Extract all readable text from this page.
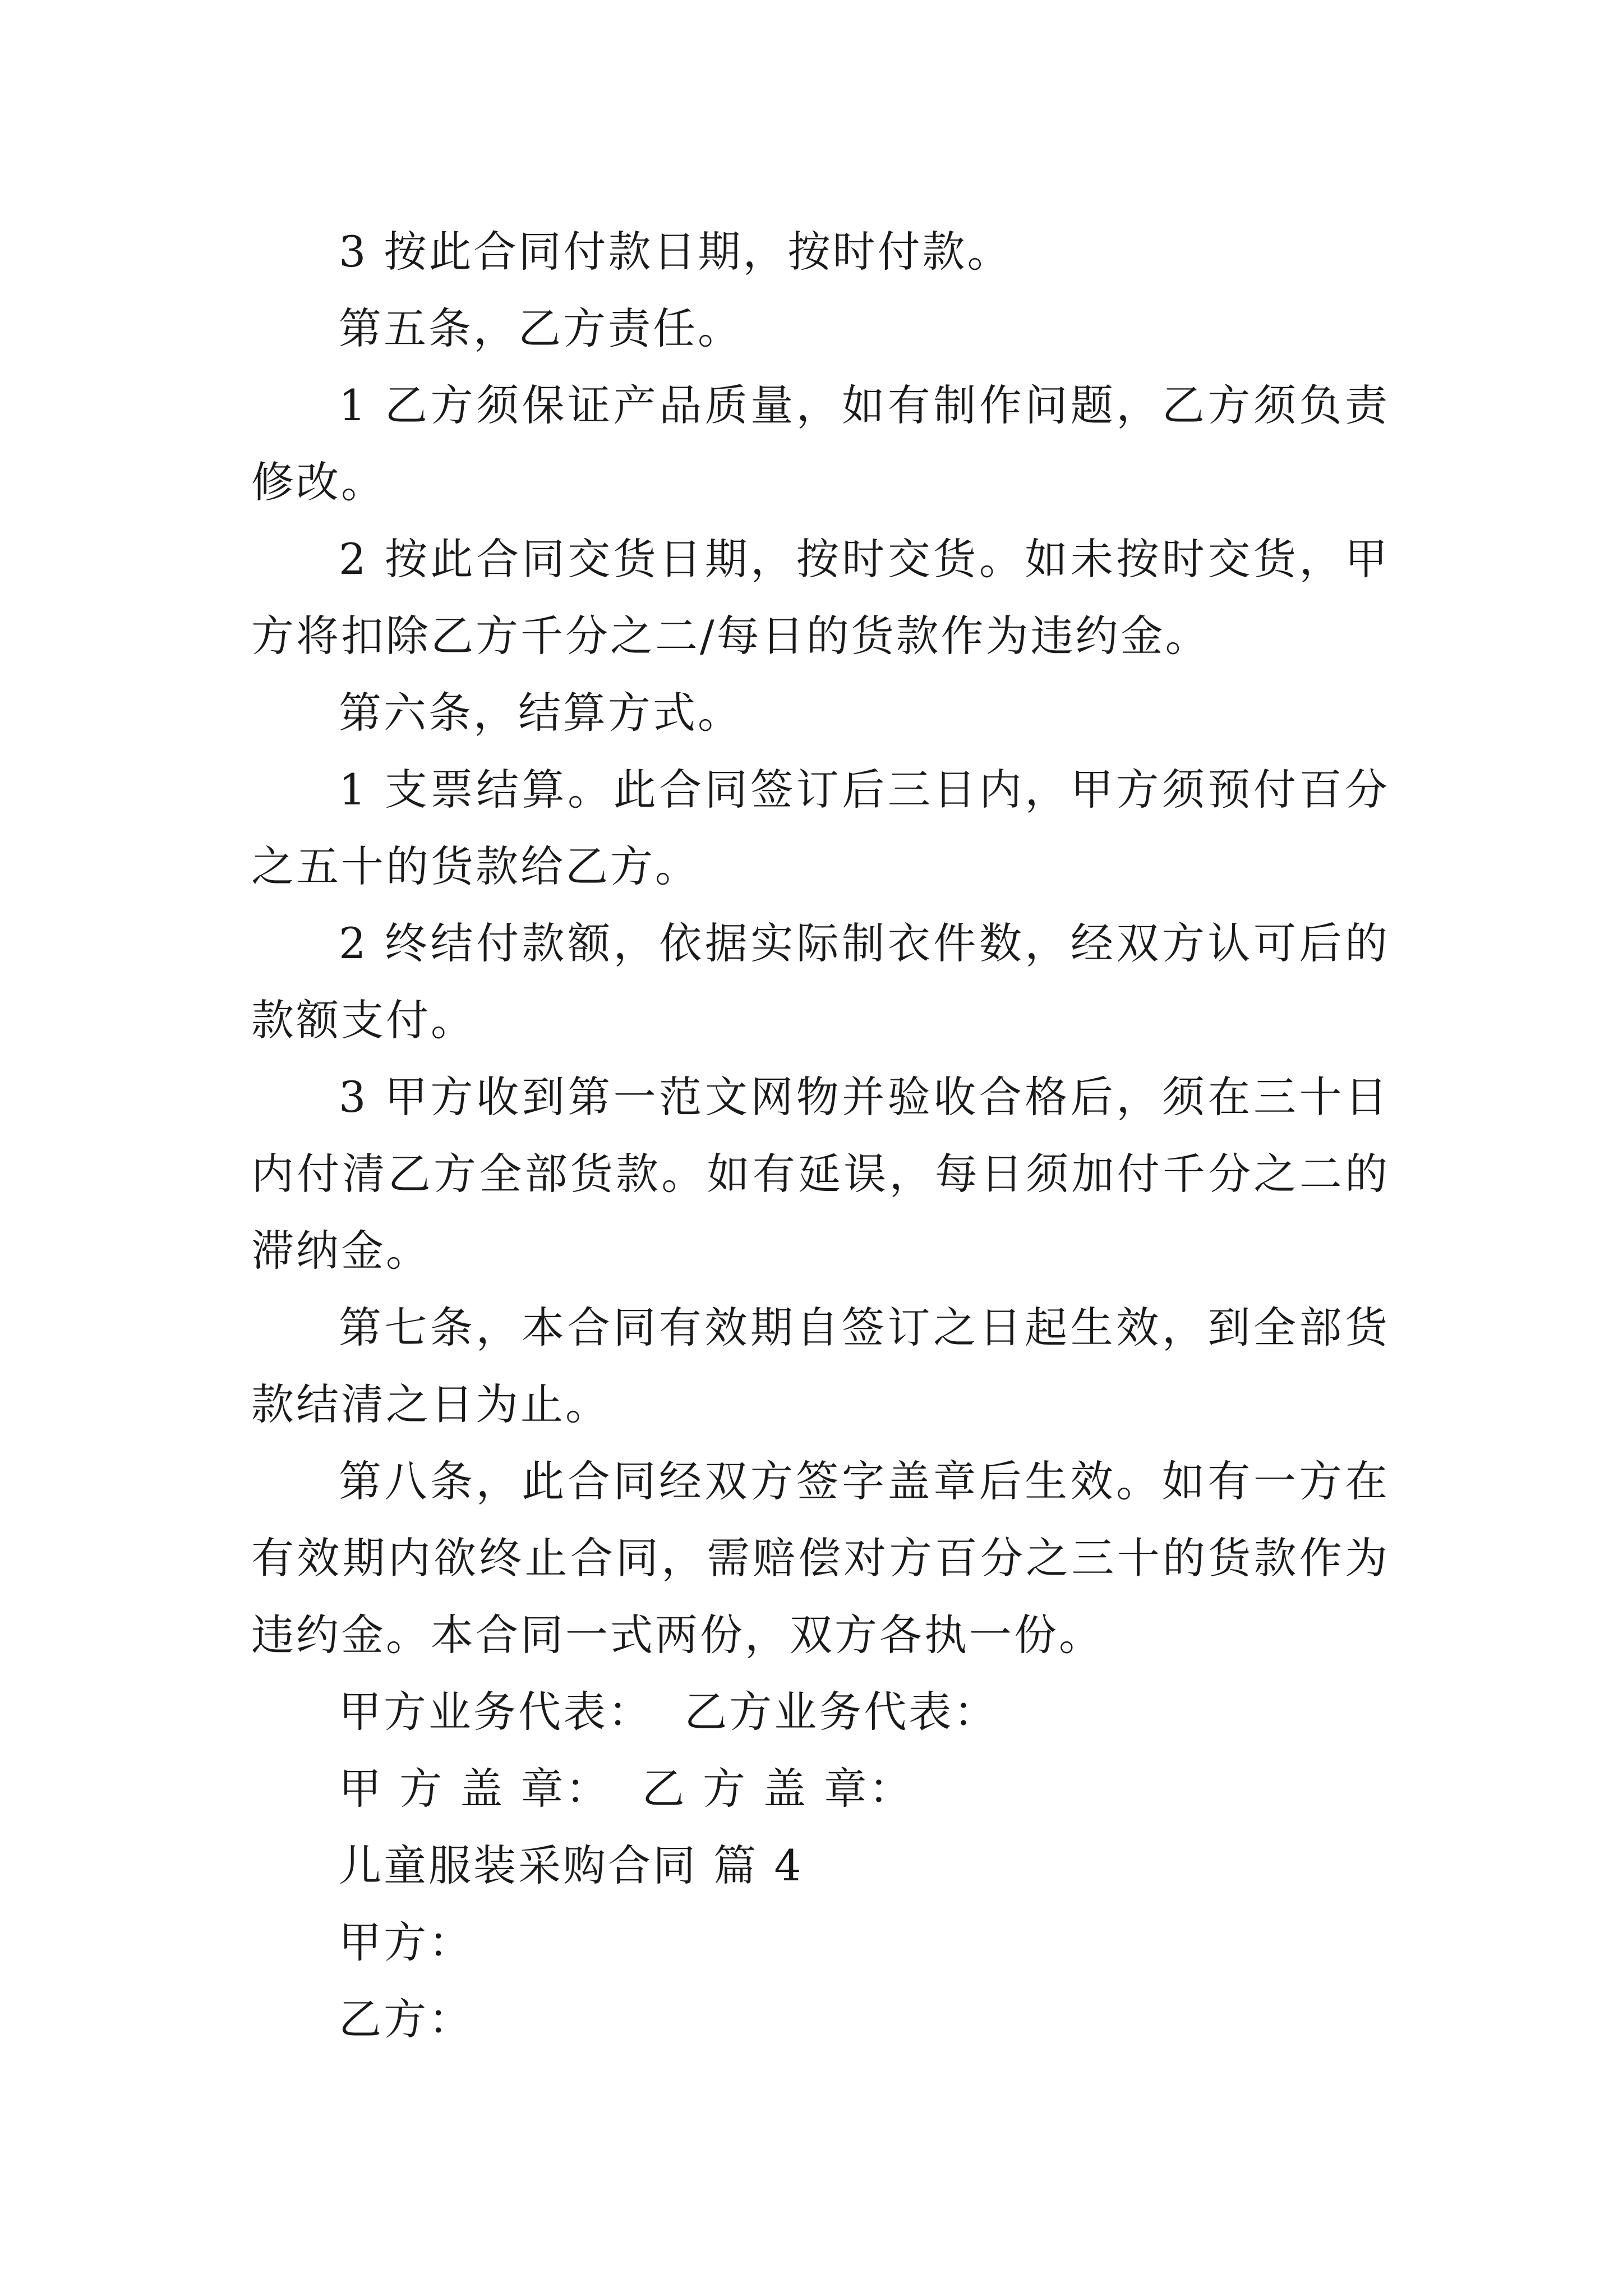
3 按此合同付款日期，按时付款。

第五条，乙方责任。

1 乙方须保证产品质量，如有制作问题，乙方须负责修改。

2 按此合同交货日期，按时交货。如未按时交货，甲方将扣除乙方千分之二/每日的货款作为违约金。

第六条，结算方式。

1 支票结算。此合同签订后三日内，甲方须预付百分之五十的货款给乙方。

2 终结付款额，依据实际制衣件数，经双方认可后的款额支付。

3 甲方收到第一范文网物并验收合格后，须在三十日内付清乙方全部货款。如有延误，每日须加付千分之二的滞纳金。

第七条，本合同有效期自签订之日起生效，到全部货款结清之日为止。

第八条，此合同经双方签字盖章后生效。如有一方在有效期内欲终止合同，需赔偿对方百分之三十的货款作为违约金。本合同一式两份，双方各执一份。

甲方业务代表：  乙方业务代表：

甲 方 盖 章：  乙 方 盖 章：

儿童服装采购合同 篇 4

甲方：

乙方：
